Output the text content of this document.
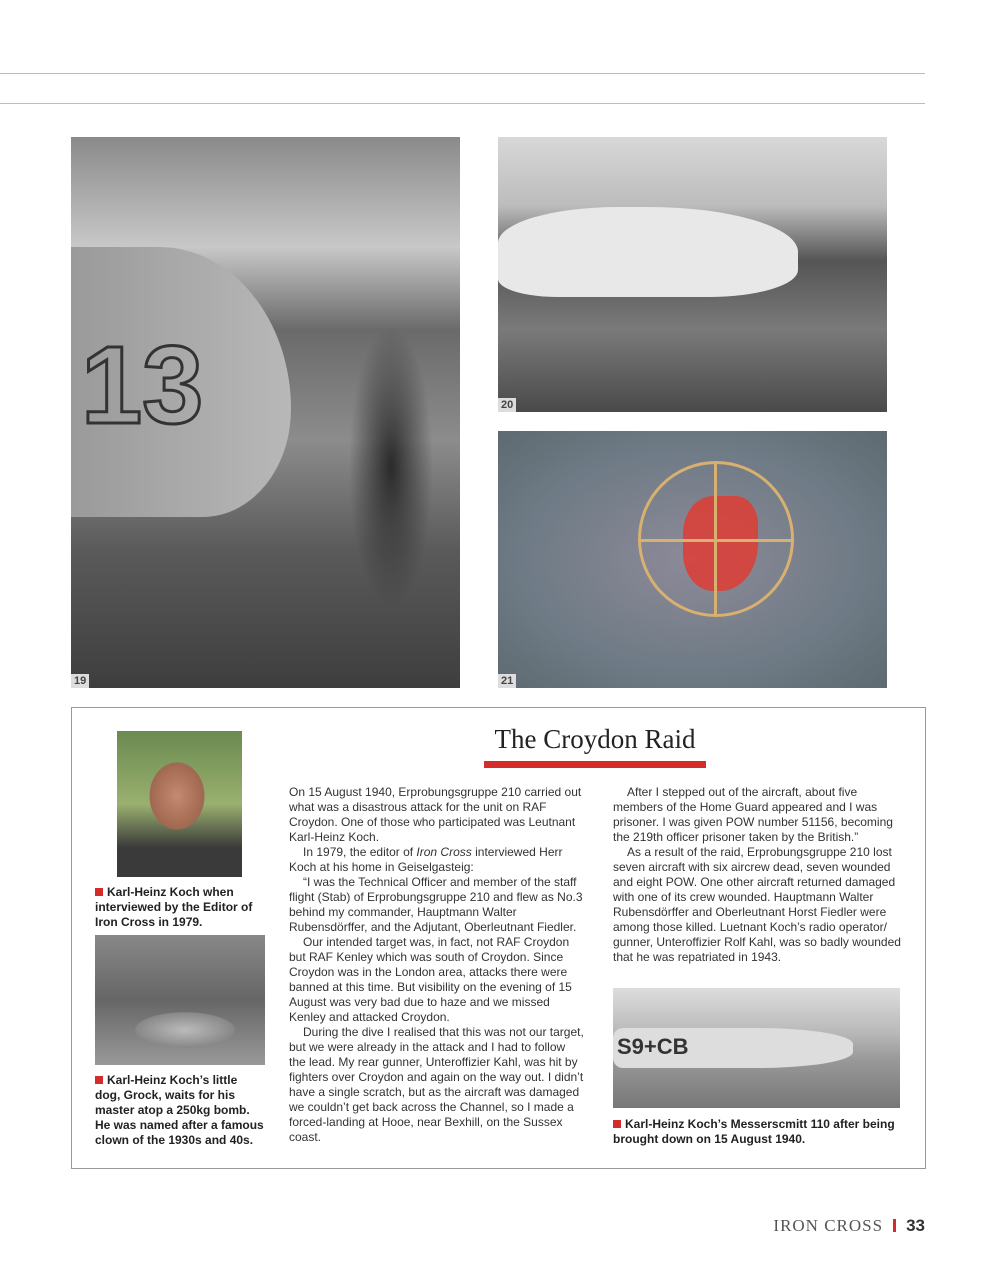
13
19
20
21
The Croydon Raid
Karl-Heinz Koch when interviewed by the Editor of Iron Cross in 1979.
Karl-Heinz Koch’s little dog, Grock, waits for his master atop a 250kg bomb. He was named after a famous clown of the 1930s and 40s.

On 15 August 1940, Erprobungsgruppe 210 carried out what was a disastrous attack for the unit on RAF Croydon. One of those who participated was Leutnant Karl-Heinz Koch.

In 1979, the editor of Iron Cross interviewed Herr Koch at his home in Geiselgasteig:

“I was the Technical Officer and member of the staff flight (Stab) of Erprobungsgruppe 210 and flew as No.3 behind my commander, Hauptmann Walter Rubensdörffer, and the Adjutant, Oberleutnant Fiedler.

Our intended target was, in fact, not RAF Croydon but RAF Kenley which was south of Croydon. Since Croydon was in the London area, attacks there were banned at this time. But visibility on the evening of 15 August was very bad due to haze and we missed Kenley and attacked Croydon.

During the dive I realised that this was not our target, but we were already in the attack and I had to follow the lead. My rear gunner, Unteroffizier Kahl, was hit by fighters over Croydon and again on the way out. I didn’t have a single scratch, but as the aircraft was damaged we couldn’t get back across the Channel, so I made a forced-landing at Hooe, near Bexhill, on the Sussex coast.

After I stepped out of the aircraft, about five members of the Home Guard appeared and I was prisoner. I was given POW number 51156, becoming the 219th officer prisoner taken by the British.”

As a result of the raid, Erprobungsgruppe 210 lost seven aircraft with six aircrew dead, seven wounded and eight POW. One other aircraft returned damaged with one of its crew wounded. Hauptmann Walter Rubensdörffer and Oberleutnant Horst Fiedler were among those killed. Luetnant Koch’s radio operator/ gunner, Unteroffizier Rolf Kahl, was so badly wounded that he was repatriated in 1943.

S9+CB
Karl-Heinz Koch’s Messerscmitt 110 after being brought down on 15 August 1940.
IRON CROSS 33
